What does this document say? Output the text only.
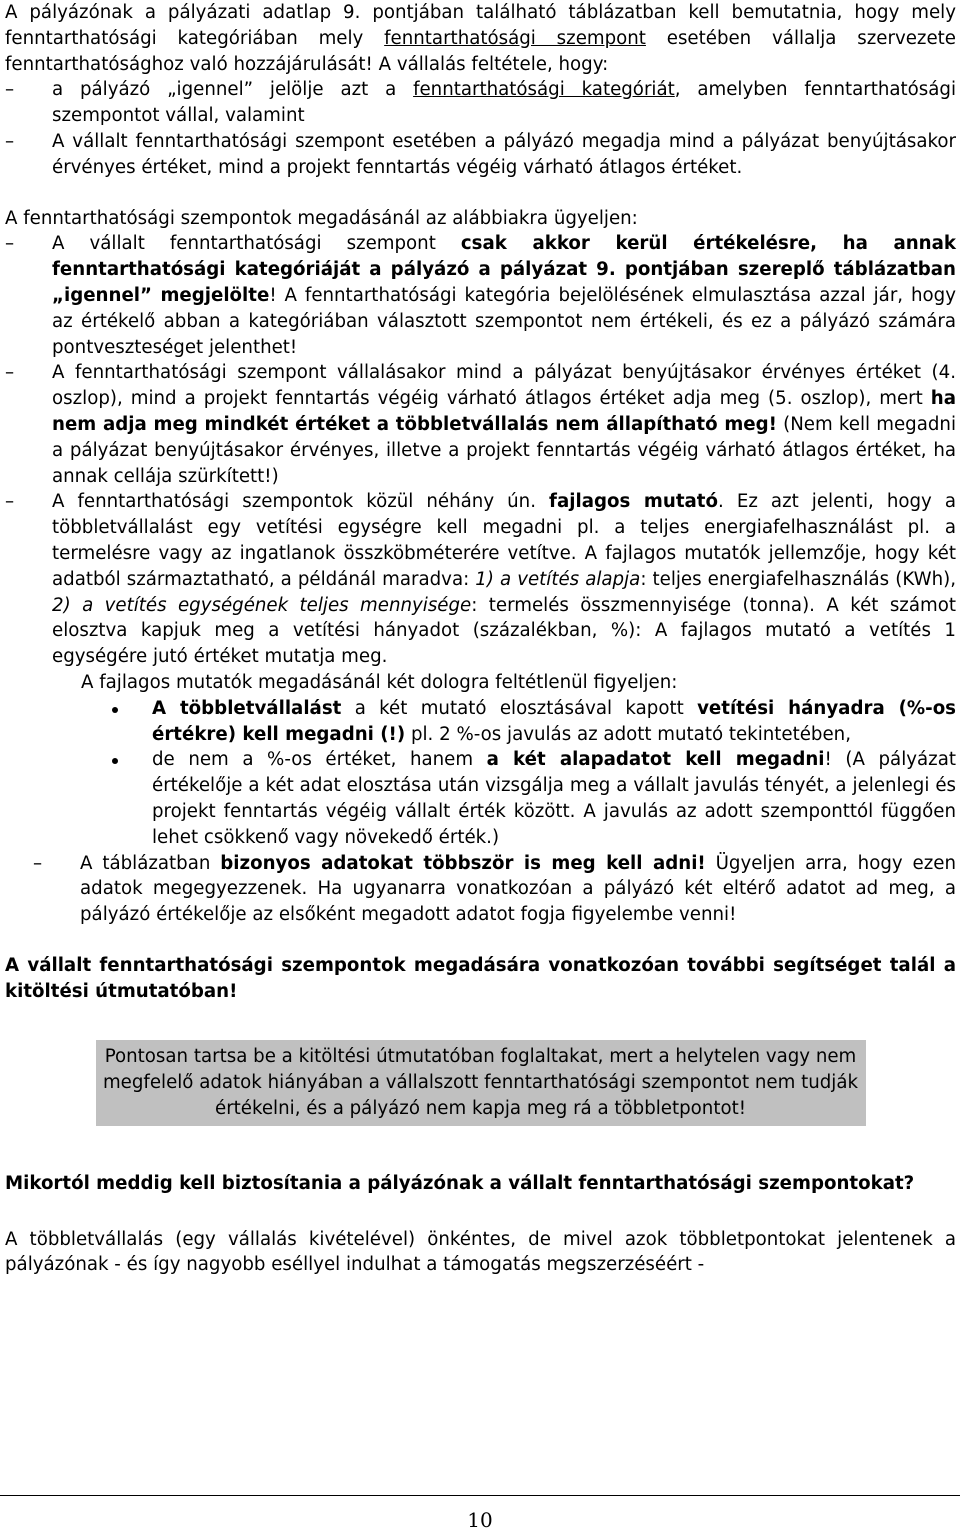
A pályázónak a pályázati adatlap 9. pontjában található táblázatban kell bemutatnia, hogy mely fenntarthatósági kategóriában mely fenntarthatósági szempont esetében vállalja szervezete fenntarthatósághoz való hozzájárulását! A vállalás feltétele, hogy:

–	a pályázó „igennel” jelölje azt a fenntarthatósági kategóriát, amelyben fenntarthatósági szempontot vállal, valamint
–	A vállalt fenntarthatósági szempont esetében a pályázó megadja mind a pályázat benyújtásakor érvényes értéket, mind a projekt fenntartás végéig várható átlagos értéket.

A fenntarthatósági szempontok megadásánál az alábbiakra ügyeljen:

–	A vállalt fenntarthatósági szempont csak akkor kerül értékelésre, ha annak fenntarthatósági kategóriáját a pályázó a pályázat 9. pontjában szereplő táblázatban „igennel” megjelölte! A fenntarthatósági kategória bejelölésének elmulasztása azzal jár, hogy az értékelő abban a kategóriában választott szempontot nem értékeli, és ez a pályázó számára pontveszteséget jelenthet!
–	A fenntarthatósági szempont vállalásakor mind a pályázat benyújtásakor érvényes értéket (4. oszlop), mind a projekt fenntartás végéig várható átlagos értéket adja meg (5. oszlop), mert ha nem adja meg mindkét értéket a többletvállalás nem állapítható meg! (Nem kell megadni a pályázat benyújtásakor érvényes, illetve a projekt fenntartás végéig várható átlagos értéket, ha annak cellája szürkített!)
–	A fenntarthatósági szempontok közül néhány ún. fajlagos mutató. Ez azt jelenti, hogy a többletvállalást egy vetítési egységre kell megadni pl. a teljes energiafelhasználást pl. a termelésre vagy az ingatlanok összköbméterére vetítve. A fajlagos mutatók jellemzője, hogy két adatból származtatható, a példánál maradva: 1) a vetítés alapja: teljes energiafelhasználás (KWh), 2) a vetítés egységének teljes mennyisége: termelés összmennyisége (tonna). A két számot elosztva kapjuk meg a vetítési hányadot (százalékban, %): A fajlagos mutató a vetítés 1 egységére jutó értéket mutatja meg.

A fajlagos mutatók megadásánál két dologra feltétlenül figyeljen:

A többletvállalást a két mutató elosztásával kapott vetítési hányadra (%-os értékre) kell megadni (!) pl. 2 %-os javulás az adott mutató tekintetében,
de nem a %-os értéket, hanem a két alapadatot kell megadni! (A pályázat értékelője a két adat elosztása után vizsgálja meg a vállalt javulás tényét, a jelenlegi és projekt fenntartás végéig vállalt érték között. A javulás az adott szemponttól függően lehet csökkenő vagy növekedő érték.)
–	A táblázatban bizonyos adatokat többször is meg kell adni! Ügyeljen arra, hogy ezen adatok megegyezzenek. Ha ugyanarra vonatkozóan a pályázó két eltérő adatot ad meg, a pályázó értékelője az elsőként megadott adatot fogja figyelembe venni!

A vállalt fenntarthatósági szempontok megadására vonatkozóan további segítséget talál a kitöltési útmutatóban!

Pontosan tartsa be a kitöltési útmutatóban foglaltakat, mert a helytelen vagy nem megfelelő adatok hiányában a vállalszott fenntarthatósági szempontot nem tudják értékelni, és a pályázó nem kapja meg rá a többletpontot!

Mikortól meddig kell biztosítania a pályázónak a vállalt fenntarthatósági szempontokat?

A többletvállalás (egy vállalás kivételével) önkéntes, de mivel azok többletpontokat jelentenek a pályázónak - és így nagyobb eséllyel indulhat a támogatás megszerzéséért -

10
